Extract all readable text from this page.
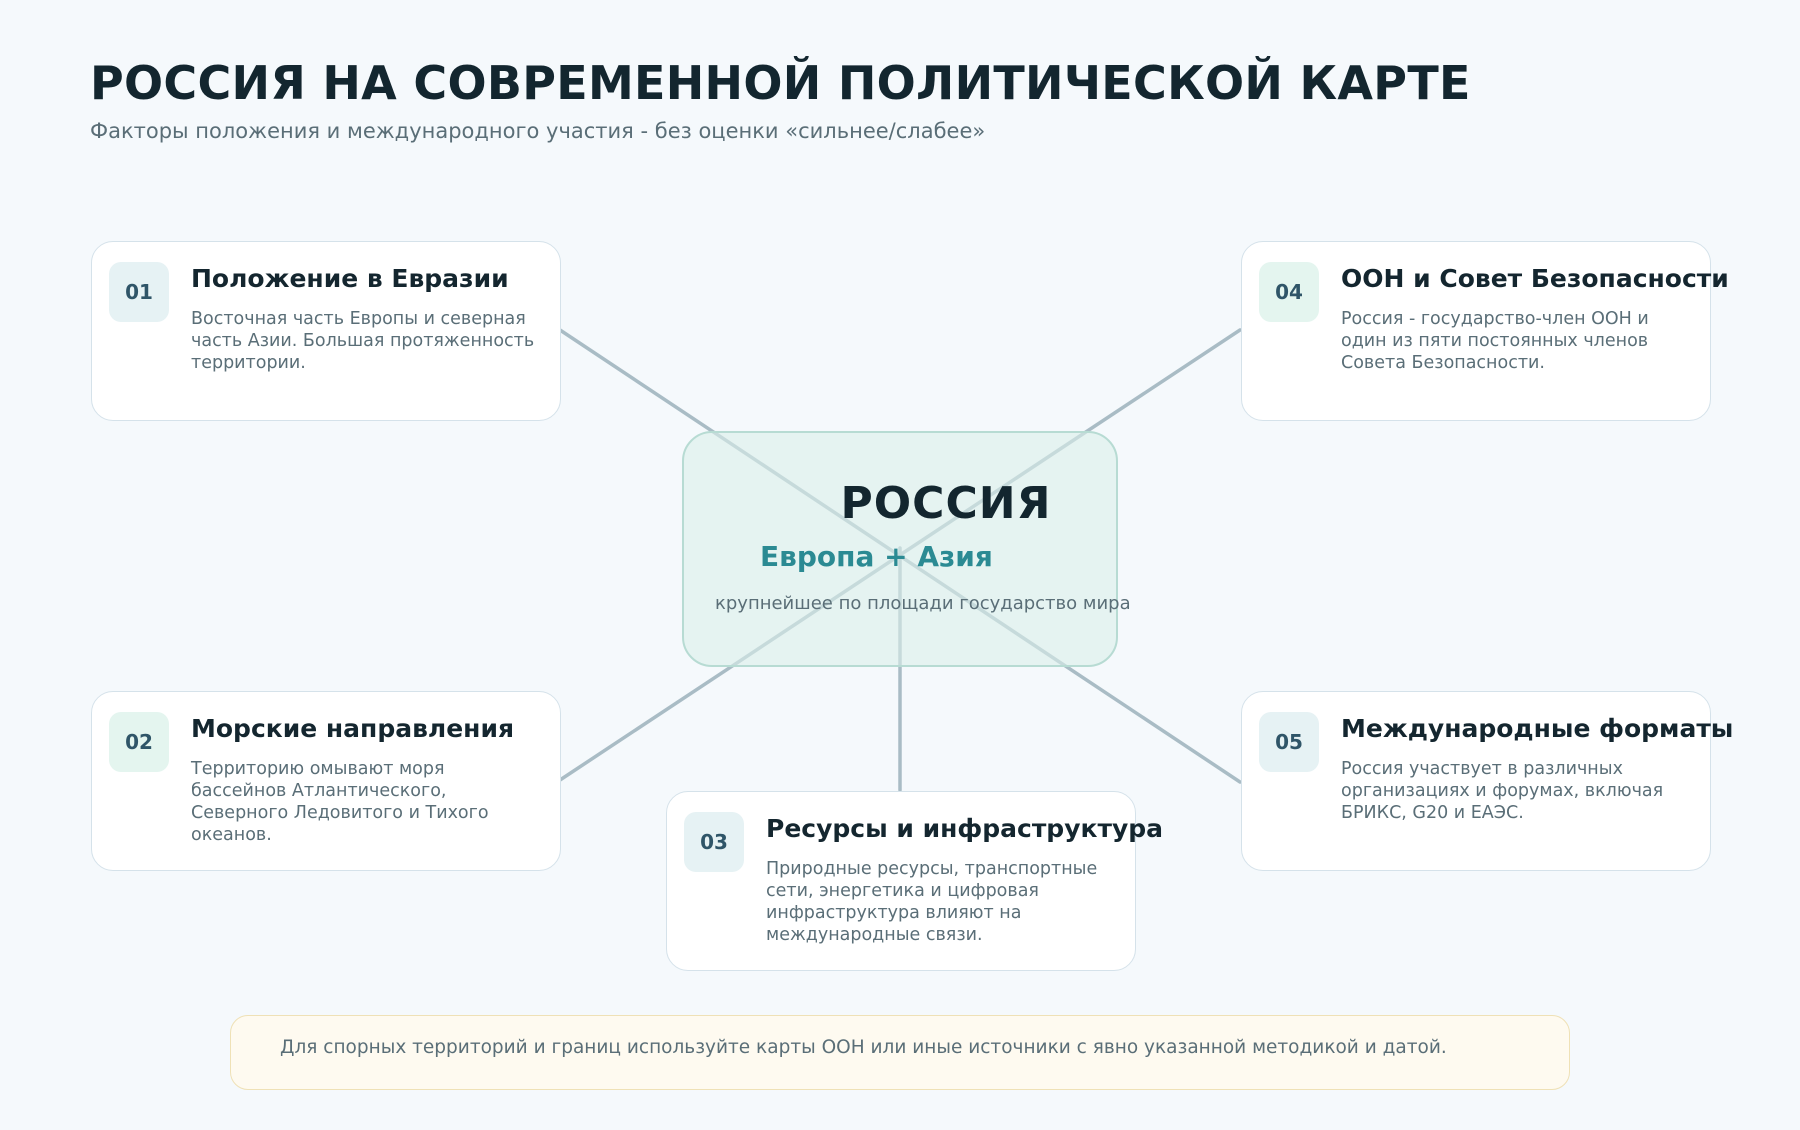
РОССИЯ НА СОВРЕМЕННОЙ ПОЛИТИЧЕСКОЙ КАРТЕ

Факторы положения и международного участия - без оценки «сильнее/слабее»

РОССИЯ
Европа + Азия
крупнейшее по площади государство мира
01	Положение в Евразии
Восточная часть Европы и северная часть Азии. Большая протяженность территории.
02	Морские направления
Территорию омывают моря бассейнов Атлантического, Северного Ледовитого и Тихого океанов.	03	Ресурсы и инфраструктура
Природные ресурсы, транспортные сети, энергетика и цифровая инфраструктура влияют на международные связи.
04	ООН и Совет Безопасности
Россия - государство-член ООН и один из пяти постоянных членов Совета Безопасности.
05	Международные форматы
Россия участвует в различных организациях и форумах, включая БРИКС, G20 и ЕАЭС.
Для спорных территорий и границ используйте карты ООН или иные источники с явно указанной методикой и датой.
